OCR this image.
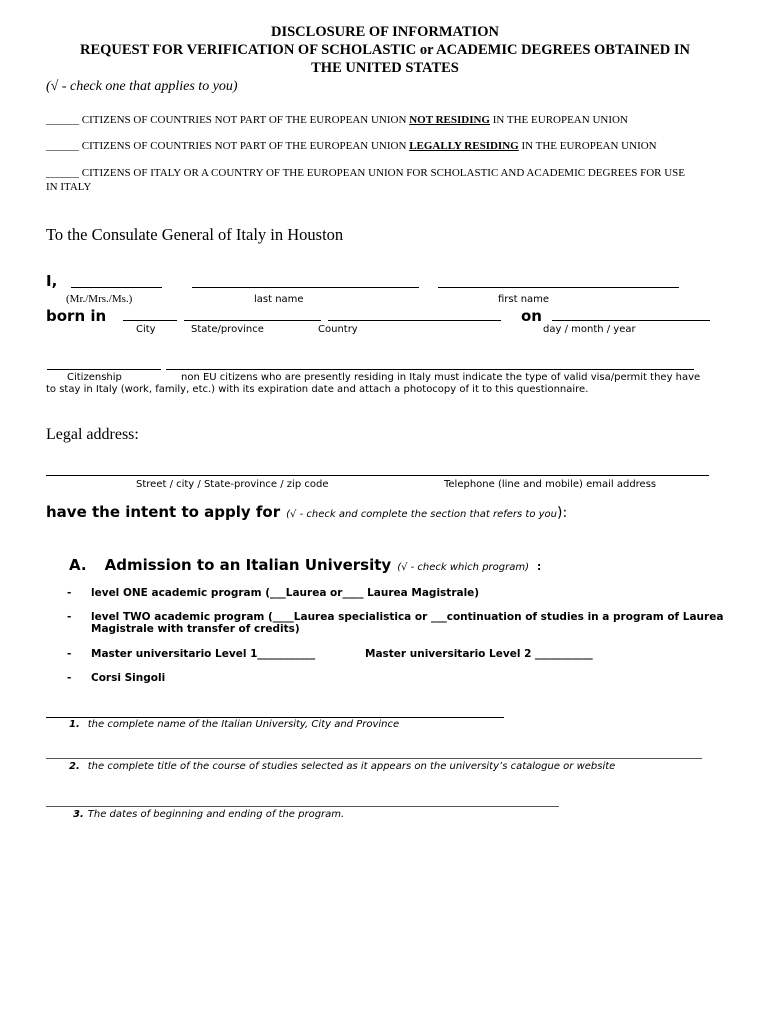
DISCLOSURE OF INFORMATION
REQUEST FOR VERIFICATION OF SCHOLASTIC or ACADEMIC DEGREES OBTAINED IN
THE UNITED STATES
(√ - check one that applies to you)
______ CITIZENS OF COUNTRIES NOT PART OF THE EUROPEAN UNION NOT RESIDING IN THE EUROPEAN UNION
______ CITIZENS OF COUNTRIES NOT PART OF THE EUROPEAN UNION LEGALLY RESIDING IN THE EUROPEAN UNION
______ CITIZENS OF ITALY OR A COUNTRY OF THE EUROPEAN UNION FOR SCHOLASTIC AND ACADEMIC DEGREES FOR USE
IN ITALY
To the Consulate General of Italy in Houston
I,
(Mr./Mrs./Ms.)	last name	first name
born in	on
City	State/province	Country	day / month / year
Citizenship	non EU citizens who are presently residing in Italy must indicate the type of valid visa/permit they have
to stay in Italy (work, family, etc.) with its expiration date and attach a photocopy of it to this questionnaire.
Legal address:
Street / city / State-province / zip code	Telephone (line and mobile) email address
have the intent to apply for (√ - check and complete the section that refers to you):
A. Admission to an Italian University (√ - check which program) :
- level ONE academic program (___Laurea or____ Laurea Magistrale)
- level TWO academic program (____Laurea specialistica or ___continuation of studies in a program of Laurea
Magistrale with transfer of credits)
- Master universitario Level 1___________	Master universitario Level 2 ___________
- Corsi Singoli
1. the complete name of the Italian University, City and Province
2. the complete title of the course of studies selected as it appears on the university’s catalogue or website
3. The dates of beginning and ending of the program.
